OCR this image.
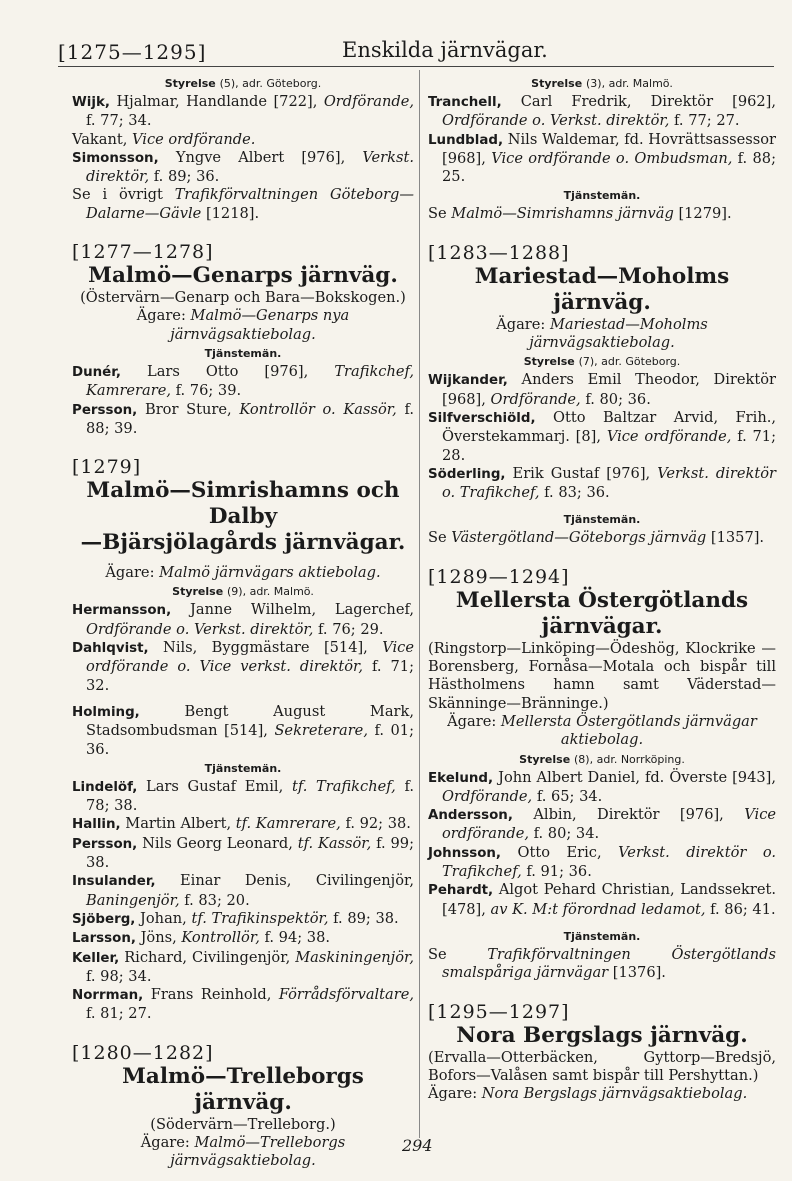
[1275—1295]	Enskilda järnvägar.
Styrelse (5), adr. Göteborg.

Wijk, Hjalmar, Handlande [722], Ordförande, f. 77; 34.

Vakant, Vice ordförande.

Simonsson, Yngve Albert [976], Verkst. direktör, f. 89; 36.

Se i övrigt Trafikförvaltningen Göteborg—Dalarne—Gävle [1218].

[1277—1278]

Malmö—Genarps järnväg.

(Östervärn—Genarp och Bara—Bokskogen.)

Ägare: Malmö—Genarps nya järnvägsaktiebolag.

Tjänstemän.

Dunér, Lars Otto [976], Trafikchef, Kamrerare, f. 76; 39.

Persson, Bror Sture, Kontrollör o. Kassör, f. 88; 39.

[1279]

Malmö—Simrishamns och Dalby

—Bjärsjölagårds järnvägar.

Ägare: Malmö järnvägars aktiebolag.

Styrelse (9), adr. Malmö.

Hermansson, Janne Wilhelm, Lagerchef, Ordförande o. Verkst. direktör, f. 76; 29.

Dahlqvist, Nils, Byggmästare [514], Vice ordförande o. Vice verkst. direktör, f. 71; 32.

Holming,	Bengt August Mark, Stadsombudsman [514], Sekreterare, f. 01; 36.

Tjänstemän.

Lindelöf, Lars Gustaf Emil, tf. Trafikchef, f. 78; 38.

Hallin, Martin Albert, tf. Kamrerare, f. 92; 38.

Persson, Nils Georg Leonard, tf. Kassör, f. 99; 38.

Insulander, Einar Denis, Civilingenjör, Baningenjör, f. 83; 20.

Sjöberg, Johan, tf. Trafikinspektör, f. 89; 38.

Larsson, Jöns, Kontrollör, f. 94; 38.

Keller, Richard, Civilingenjör, Maskiningenjör, f. 98; 34.

Norrman, Frans Reinhold, Förrådsförvaltare, f. 81; 27.

[1280—1282]

Malmö—Trelleborgs järnväg.

(Södervärn—Trelleborg.)

Ägare: Malmö—Trelleborgs järnvägsaktiebolag.

Styrelse (3), adr. Malmö.

Tranchell, Carl Fredrik, Direktör [962], Ordförande o. Verkst. direktör, f. 77; 27.

Lundblad, Nils Waldemar, fd. Hovrättsassessor [968], Vice ordförande o. Ombudsman, f. 88; 25.

Tjänstemän.

Se Malmö—Simrishamns järnväg [1279].

[1283—1288]

Mariestad—Moholms järnväg.

Ägare: Mariestad—Moholms järnvägsaktiebolag.

Styrelse (7), adr. Göteborg.

Wijkander, Anders Emil Theodor, Direktör [968], Ordförande, f. 80; 36.

Silfverschiöld, Otto Baltzar Arvid, Frih., Överstekammarj. [8], Vice ordförande, f. 71; 28.

Söderling, Erik Gustaf [976], Verkst. direktör o. Trafikchef, f. 83; 36.

Tjänstemän.

Se Västergötland—Göteborgs järnväg [1357].

[1289—1294]

Mellersta Östergötlands järnvägar.

(Ringstorp—Linköping—Ödeshög, Klockrike —Borensberg, Fornåsa—Motala och bispår till Hästholmens hamn samt Väderstad—Skänninge—Bränninge.)

Ägare: Mellersta Östergötlands järnvägar aktiebolag.

Styrelse (8), adr. Norrköping.

Ekelund, John Albert Daniel, fd. Överste [943], Ordförande, f. 65; 34.

Andersson, Albin, Direktör [976], Vice ordförande, f. 80; 34.

Johnsson, Otto Eric, Verkst. direktör o. Trafikchef, f. 91; 36.

Pehardt, Algot Pehard Christian, Landssekret. [478], av K. M:t förordnad ledamot, f. 86; 41.

Tjänstemän.

Se	Trafikförvaltningen Östergötlands smalspåriga järnvägar [1376].

[1295—1297]

Nora Bergslags järnväg.

(Ervalla—Otterbäcken, Gyttorp—Bredsjö, Bofors—Valåsen samt bispår till Pershyttan.)

Ägare: Nora Bergslags järnvägsaktiebolag.

294
